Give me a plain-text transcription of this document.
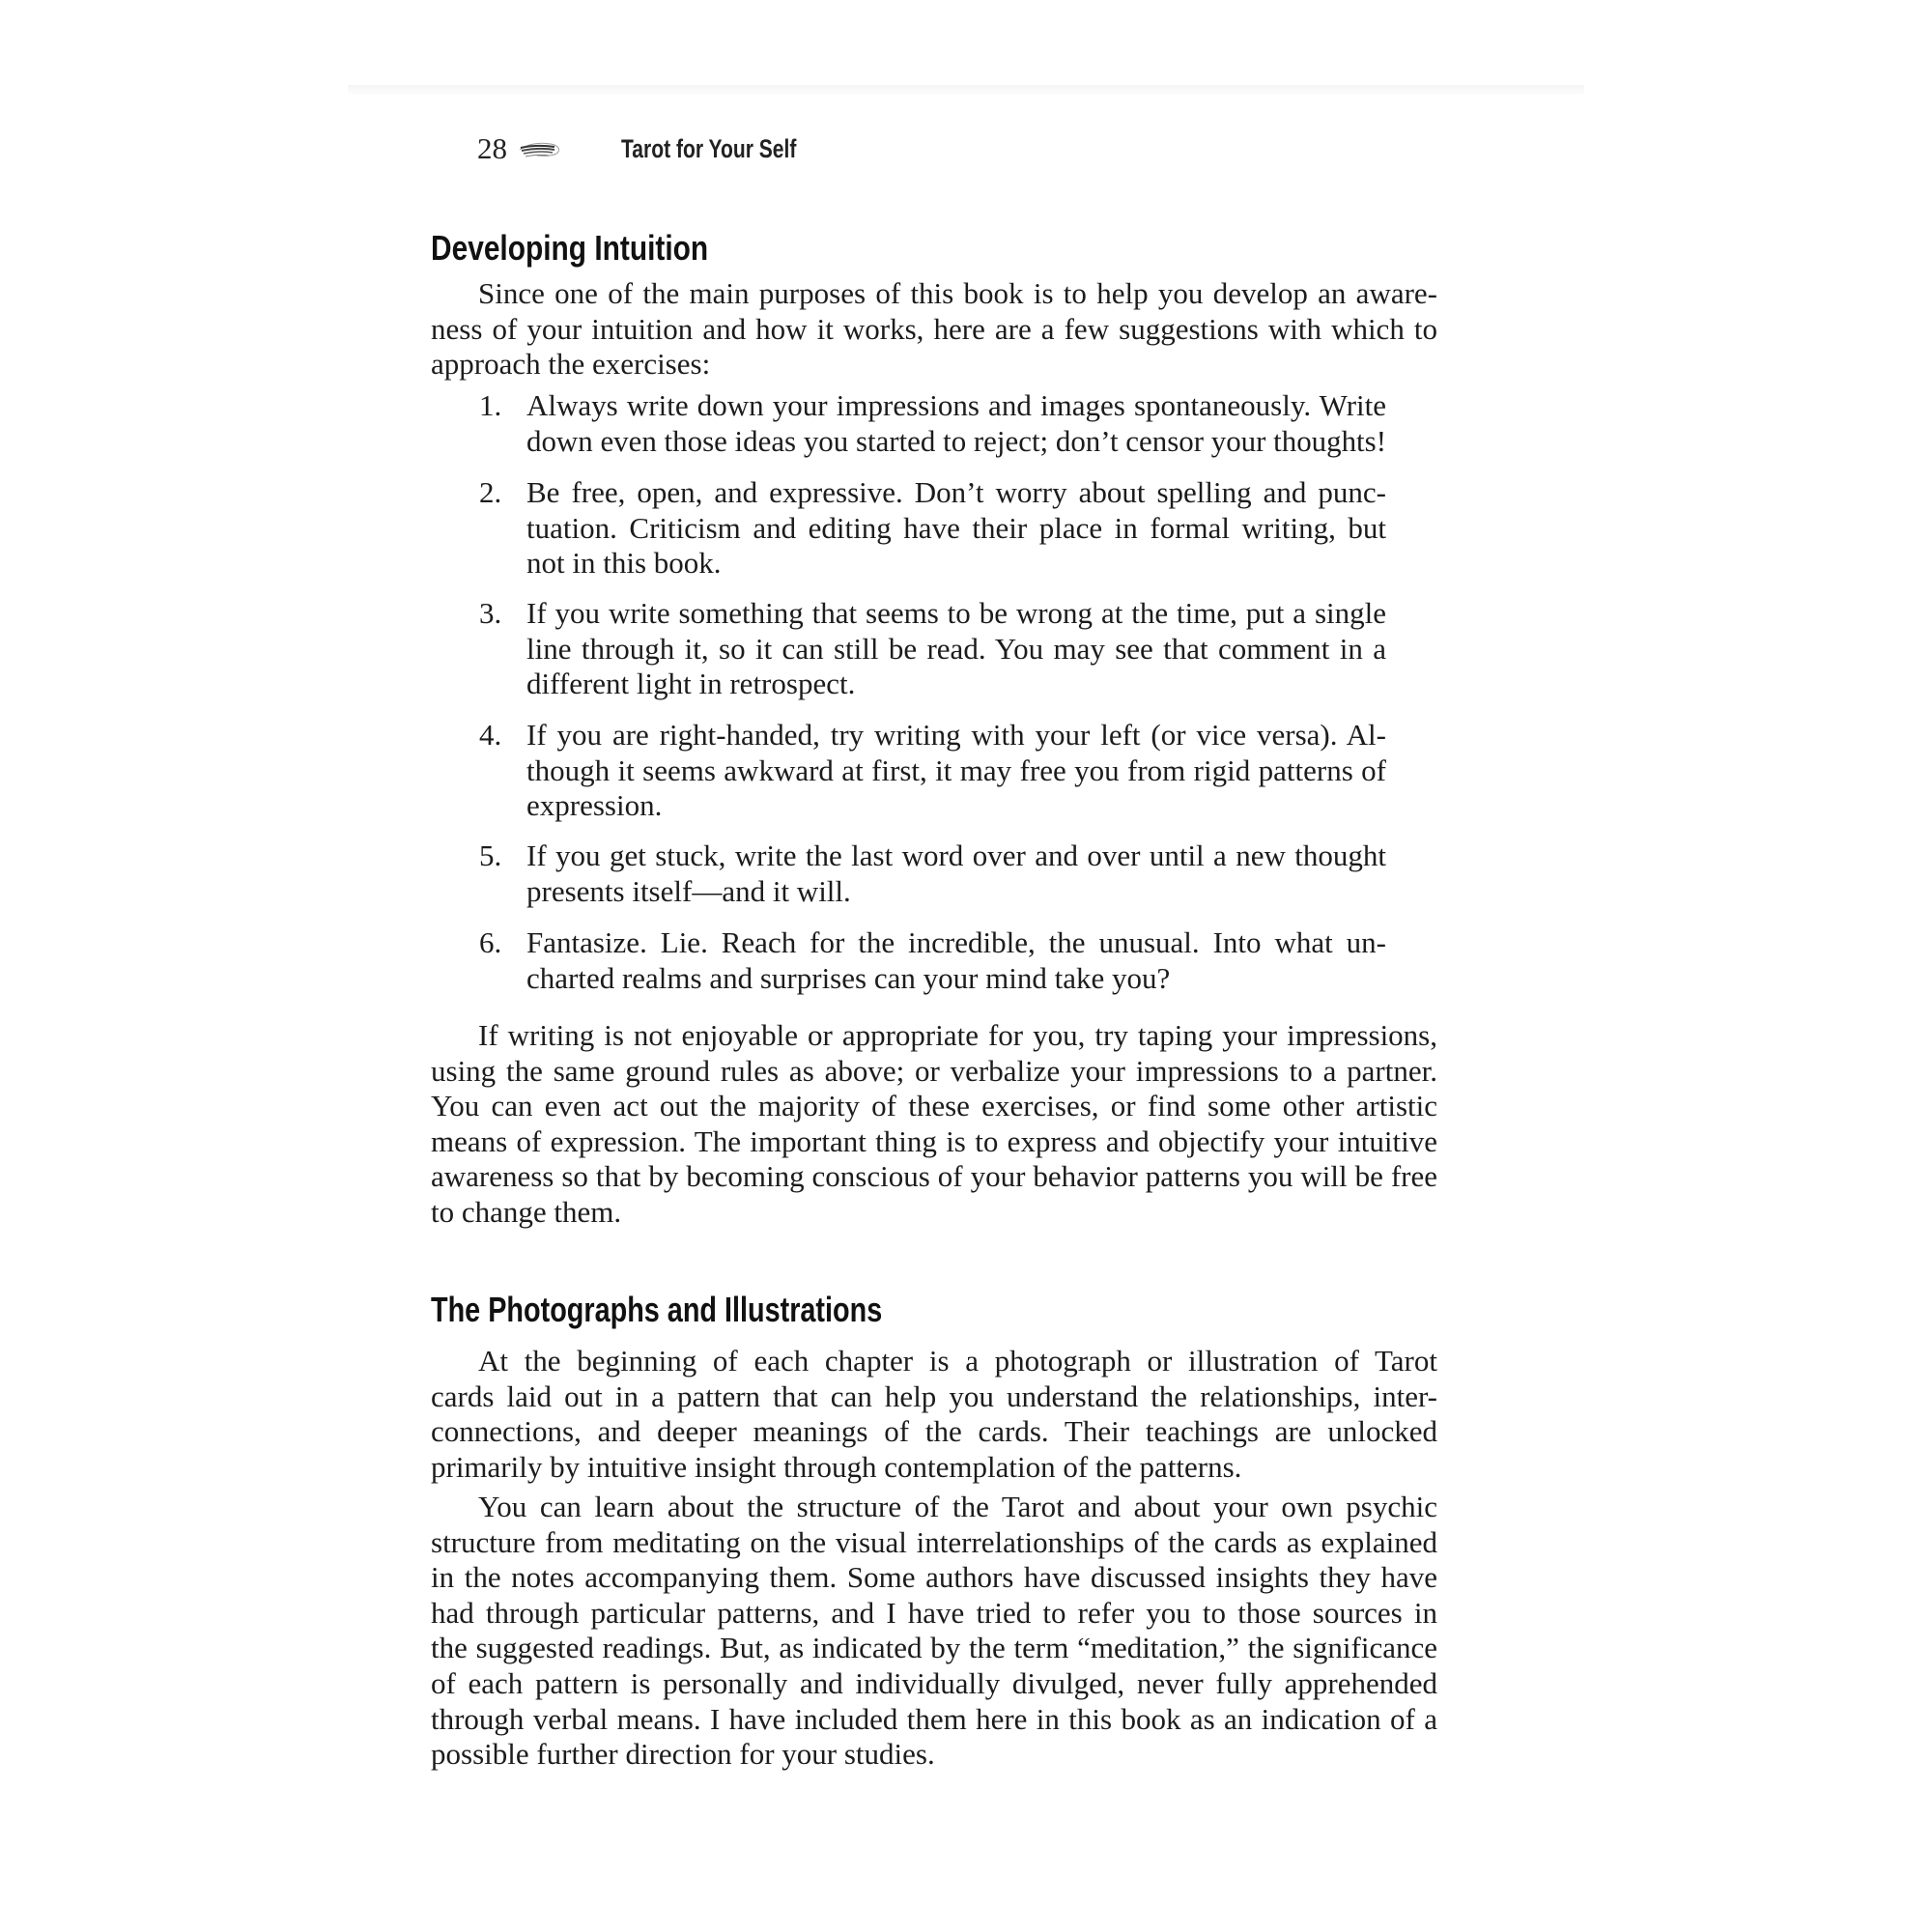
28	Tarot for Your Self
Developing Intuition
Since one of the main purposes of this book is to help you develop an aware-
ness of your intuition and how it works, here are a few suggestions with which to
approach the exercises:
1. Always write down your impressions and images spontaneously. Write
down even those ideas you started to reject; don’t censor your thoughts!
2. Be free, open, and expressive. Don’t worry about spelling and punc-
tuation. Criticism and editing have their place in formal writing, but
not in this book.
3. If you write something that seems to be wrong at the time, put a single
line through it, so it can still be read. You may see that comment in a
different light in retrospect.
4. If you are right-handed, try writing with your left (or vice versa). Al-
though it seems awkward at first, it may free you from rigid patterns of
expression.
5. If you get stuck, write the last word over and over until a new thought
presents itself—and it will.
6. Fantasize. Lie. Reach for the incredible, the unusual. Into what un-
charted realms and surprises can your mind take you?
If writing is not enjoyable or appropriate for you, try taping your impressions,
using the same ground rules as above; or verbalize your impressions to a partner.
You can even act out the majority of these exercises, or find some other artistic
means of expression. The important thing is to express and objectify your intuitive
awareness so that by becoming conscious of your behavior patterns you will be free
to change them.
The Photographs and Illustrations
At the beginning of each chapter is a photograph or illustration of Tarot
cards laid out in a pattern that can help you understand the relationships, inter-
connections, and deeper meanings of the cards. Their teachings are unlocked
primarily by intuitive insight through contemplation of the patterns.
You can learn about the structure of the Tarot and about your own psychic
structure from meditating on the visual interrelationships of the cards as explained
in the notes accompanying them. Some authors have discussed insights they have
had through particular patterns, and I have tried to refer you to those sources in
the suggested readings. But, as indicated by the term “meditation,” the significance
of each pattern is personally and individually divulged, never fully apprehended
through verbal means. I have included them here in this book as an indication of a
possible further direction for your studies.
